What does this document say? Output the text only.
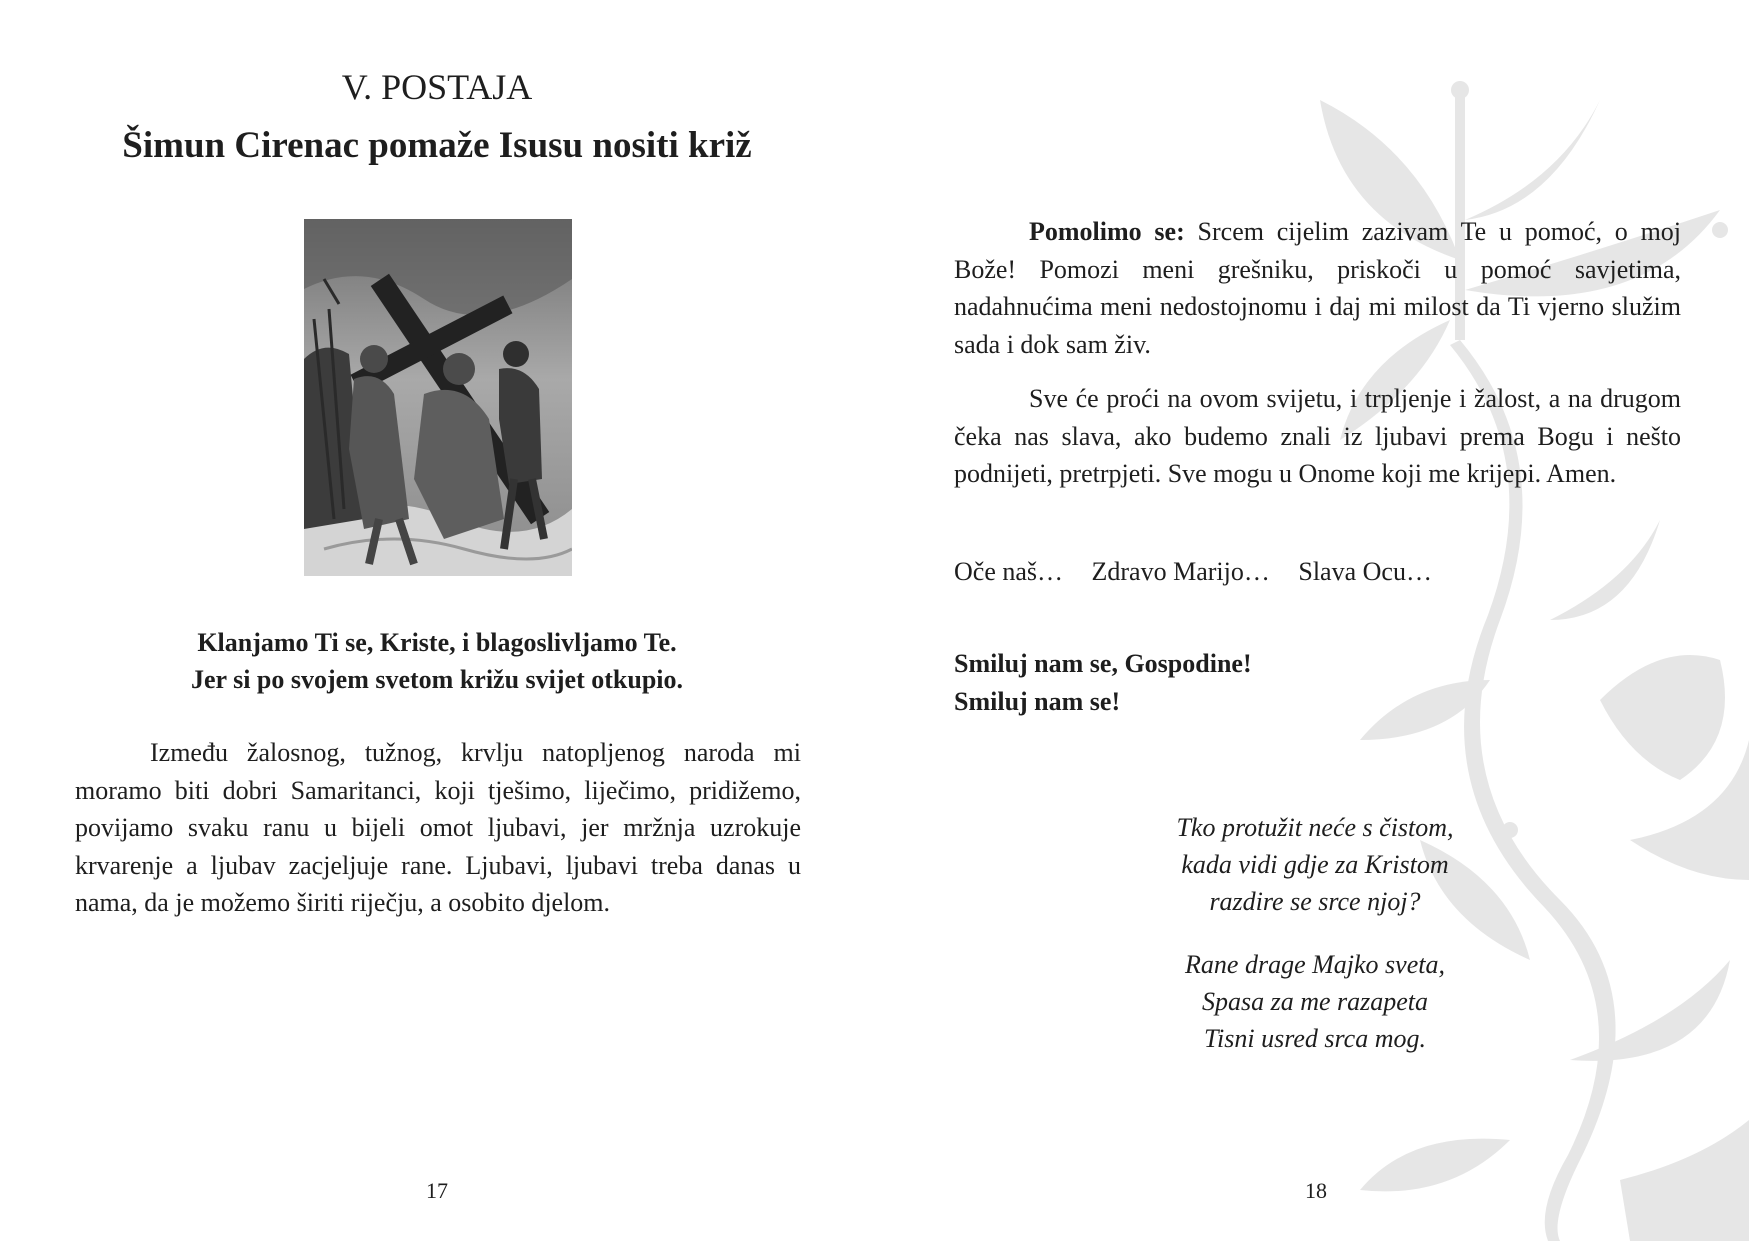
V. POSTAJA
Šimun Cirenac pomaže Isusu nositi križ
Klanjamo Ti se, Kriste, i blagoslivljamo Te.
Jer si po svojem svetom križu svijet otkupio.

Između žalosnog, tužnog, krvlju natopljenog naroda mi moramo biti dobri Samaritanci, koji tješimo, liječimo, pridižemo, povijamo svaku ranu u bijeli omot ljubavi, jer mržnja uzrokuje krvarenje a ljubav zacjeljuje rane. Ljubavi, ljubavi treba danas u nama, da je možemo širiti riječju, a osobito djelom.

17

Pomolimo se: Srcem cijelim zazivam Te u pomoć, o moj Bože! Pomozi meni grešniku, priskoči u pomoć savjetima, nadahnućima meni nedostojnomu i daj mi milost da Ti vjerno služim sada i dok sam živ.

Sve će proći na ovom svijetu, i trpljenje i žalost, a na drugom čeka nas slava, ako budemo znali iz ljubavi prema Bogu i nešto podnijeti, pretrpjeti. Sve mogu u Onome koji me krijepi. Amen.

Oče naš… Zdravo Marijo… Slava Ocu…
Smiluj nam se, Gospodine!
Smiluj nam se!
Tko protužit neće s čistom,
kada vidi gdje za Kristom
razdire se srce njoj?
Rane drage Majko sveta,
Spasa za me razapeta
Tisni usred srca mog.
18
